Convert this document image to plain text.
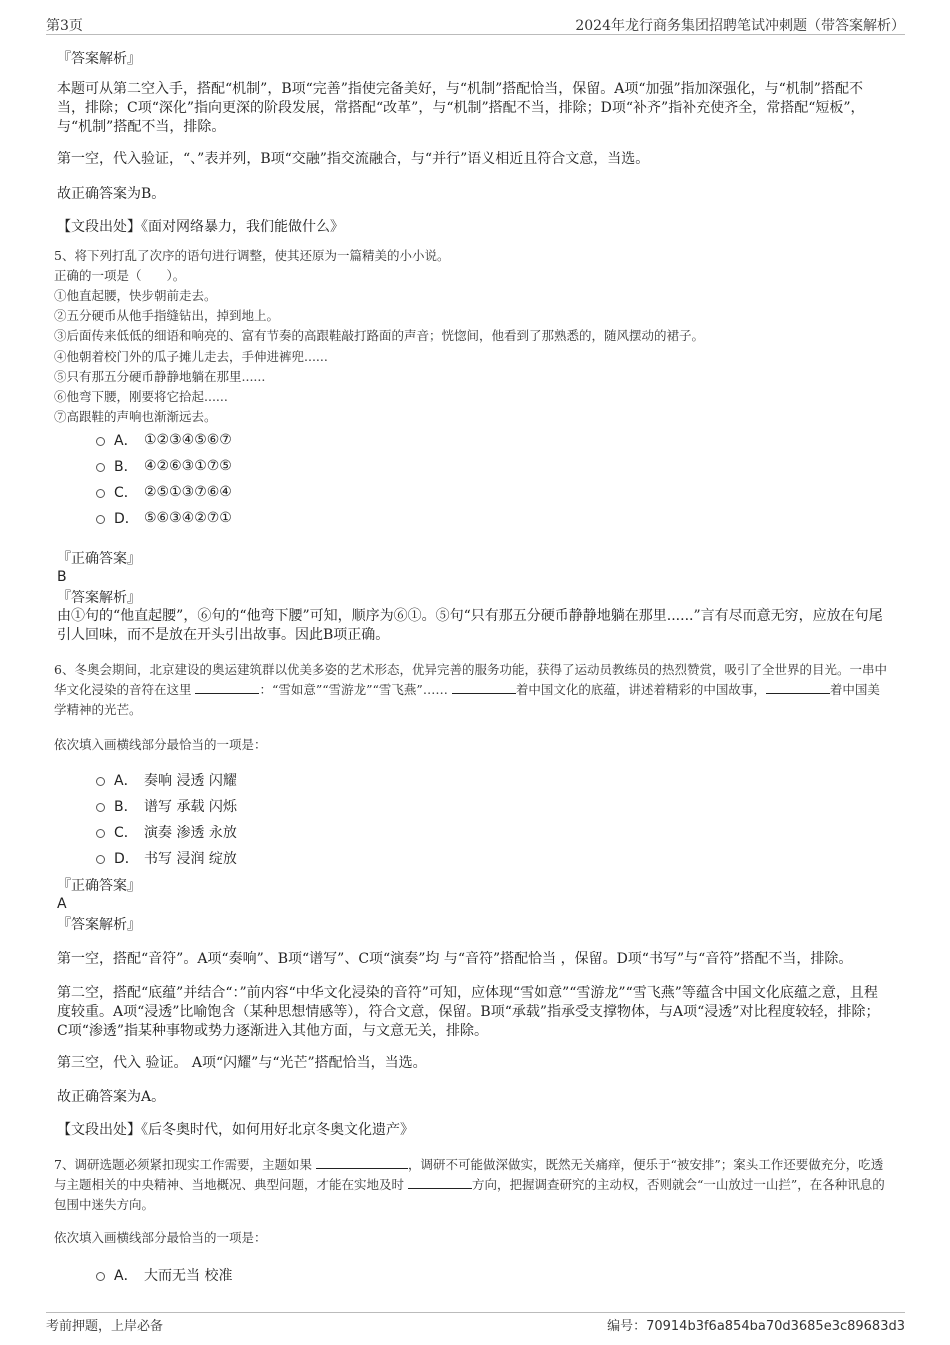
第3页	2024年龙行商务集团招聘笔试冲刺题（带答案解析）
『答案解析』
本题可从第二空入手，搭配“机制”，B项“完善”指使完备美好，与“机制”搭配恰当，保留。A项“加强”指加深强化，与“机制”搭配不当，排除；C项“深化”指向更深的阶段发展，常搭配“改革”，与“机制”搭配不当，排除；D项“补齐”指补充使齐全，常搭配“短板”，与“机制”搭配不当，排除。
第一空，代入验证，“、”表并列，B项“交融”指交流融合，与“并行”语义相近且符合文意，当选。
故正确答案为B。
【文段出处】《面对网络暴力，我们能做什么》
5、将下列打乱了次序的语句进行调整，使其还原为一篇精美的小小说。
正确的一项是（　　）。
①他直起腰，快步朝前走去。
②五分硬币从他手指缝钻出，掉到地上。
③后面传来低低的细语和响亮的、富有节奏的高跟鞋敲打路面的声音；恍惚间，他看到了那熟悉的，随风摆动的裙子。
④他朝着校门外的瓜子摊儿走去，手伸进裤兜......
⑤只有那五分硬币静静地躺在那里......
⑥他弯下腰，刚要将它拾起......
⑦高跟鞋的声响也渐渐远去。
A． ①②③④⑤⑥⑦
B． ④②⑥③①⑦⑤
C． ②⑤①③⑦⑥④
D． ⑤⑥③④②⑦①
『正确答案』
B
『答案解析』
由①句的“他直起腰”，⑥句的“他弯下腰”可知，顺序为⑥①。⑤句“只有那五分硬币静静地躺在那里......”言有尽而意无穷，应放在句尾引人回味，而不是放在开头引出故事。因此B项正确。
6、冬奥会期间，北京建设的奥运建筑群以优美多姿的艺术形态，优异完善的服务功能，获得了运动员教练员的热烈赞赏，吸引了全世界的目光。一串中华文化浸染的音符在这里	：“雪如意”“雪游龙”“雪飞燕”……	着中国文化的底蕴，讲述着精彩的中国故事，	着中国美学精神的光芒。
依次填入画横线部分最恰当的一项是：
A． 奏响 浸透 闪耀
B． 谱写 承载 闪烁
C． 演奏 渗透 永放
D． 书写 浸润 绽放
『正确答案』
A
『答案解析』
第一空，搭配“音符”。A项“奏响”、B项“谱写”、C项“演奏”均 与“音符”搭配恰当 ，保留。D项“书写”与“音符”搭配不当，排除。
第二空，搭配“底蕴”并结合“：”前内容“中华文化浸染的音符”可知，应体现“雪如意”“雪游龙”“雪飞燕”等蕴含中国文化底蕴之意，且程度较重。A项“浸透”比喻饱含（某种思想情感等），符合文意，保留。B项“承载”指承受支撑物体，与A项“浸透”对比程度较轻，排除；C项“渗透”指某种事物或势力逐渐进入其他方面，与文意无关，排除。
第三空，代入 验证。 A项“闪耀”与“光芒”搭配恰当，当选。
故正确答案为A。
【文段出处】《后冬奥时代，如何用好北京冬奥文化遗产》
7、调研选题必须紧扣现实工作需要，主题如果	，调研不可能做深做实，既然无关痛痒，便乐于“被安排”；案头工作还要做充分，吃透与主题相关的中央精神、当地概况、典型问题，才能在实地及时	方向，把握调查研究的主动权，否则就会“一山放过一山拦”，在各种讯息的包围中迷失方向。
依次填入画横线部分最恰当的一项是：
A． 大而无当 校准
考前押题，上岸必备	编号：70914b3f6a854ba70d3685e3c89683d3
